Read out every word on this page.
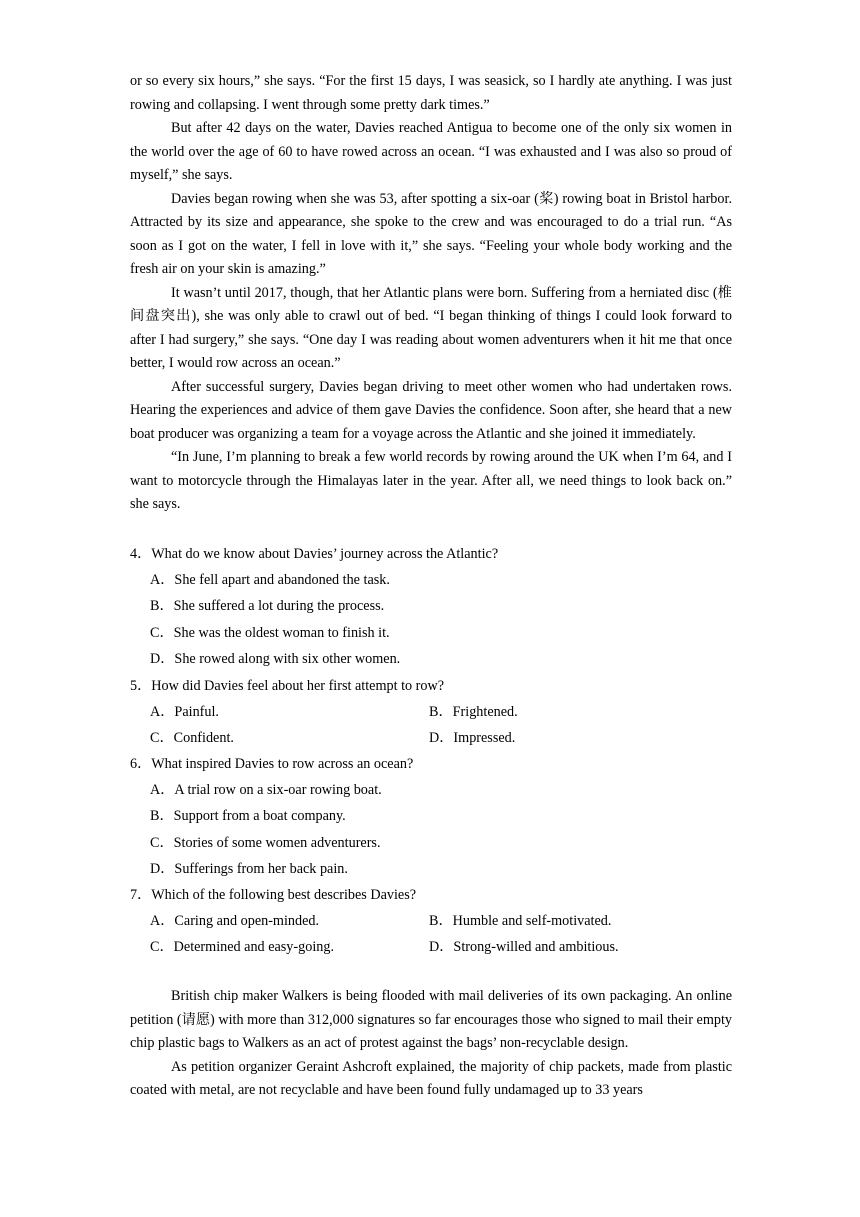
or so every six hours,” she says. “For the first 15 days, I was seasick, so I hardly ate anything. I was just rowing and collapsing. I went through some pretty dark times.”

But after 42 days on the water, Davies reached Antigua to become one of the only six women in the world over the age of 60 to have rowed across an ocean. “I was exhausted and I was also so proud of myself,” she says.

Davies began rowing when she was 53, after spotting a six-oar (桨) rowing boat in Bristol harbor. Attracted by its size and appearance, she spoke to the crew and was encouraged to do a trial run. “As soon as I got on the water, I fell in love with it,” she says. “Feeling your whole body working and the fresh air on your skin is amazing.”

It wasn’t until 2017, though, that her Atlantic plans were born. Suffering from a herniated disc (椎间盘突出), she was only able to crawl out of bed. “I began thinking of things I could look forward to after I had surgery,” she says. “One day I was reading about women adventurers when it hit me that once better, I would row across an ocean.”

After successful surgery, Davies began driving to meet other women who had undertaken rows. Hearing the experiences and advice of them gave Davies the confidence. Soon after, she heard that a new boat producer was organizing a team for a voyage across the Atlantic and she joined it immediately.

“In June, I’m planning to break a few world records by rowing around the UK when I’m 64, and I want to motorcycle through the Himalayas later in the year. After all, we need things to look back on.” she says.

4．What do we know about Davies’ journey across the Atlantic?

A．She fell apart and abandoned the task.
B．She suffered a lot during the process.
C．She was the oldest woman to finish it.
D．She rowed along with six other women.

5．How did Davies feel about her first attempt to row?

A．Painful.	B．Frightened.
C．Confident.	D．Impressed.

6．What inspired Davies to row across an ocean?

A．A trial row on a six-oar rowing boat.
B．Support from a boat company.
C．Stories of some women adventurers.
D．Sufferings from her back pain.

7．Which of the following best describes Davies?

A．Caring and open-minded.	B．Humble and self-motivated.
C．Determined and easy-going.	D．Strong-willed and ambitious.

British chip maker Walkers is being flooded with mail deliveries of its own packaging. An online petition (请愿) with more than 312,000 signatures so far encourages those who signed to mail their empty chip plastic bags to Walkers as an act of protest against the bags’ non-recyclable design.

As petition organizer Geraint Ashcroft explained, the majority of chip packets, made from plastic coated with metal, are not recyclable and have been found fully undamaged up to 33 years
